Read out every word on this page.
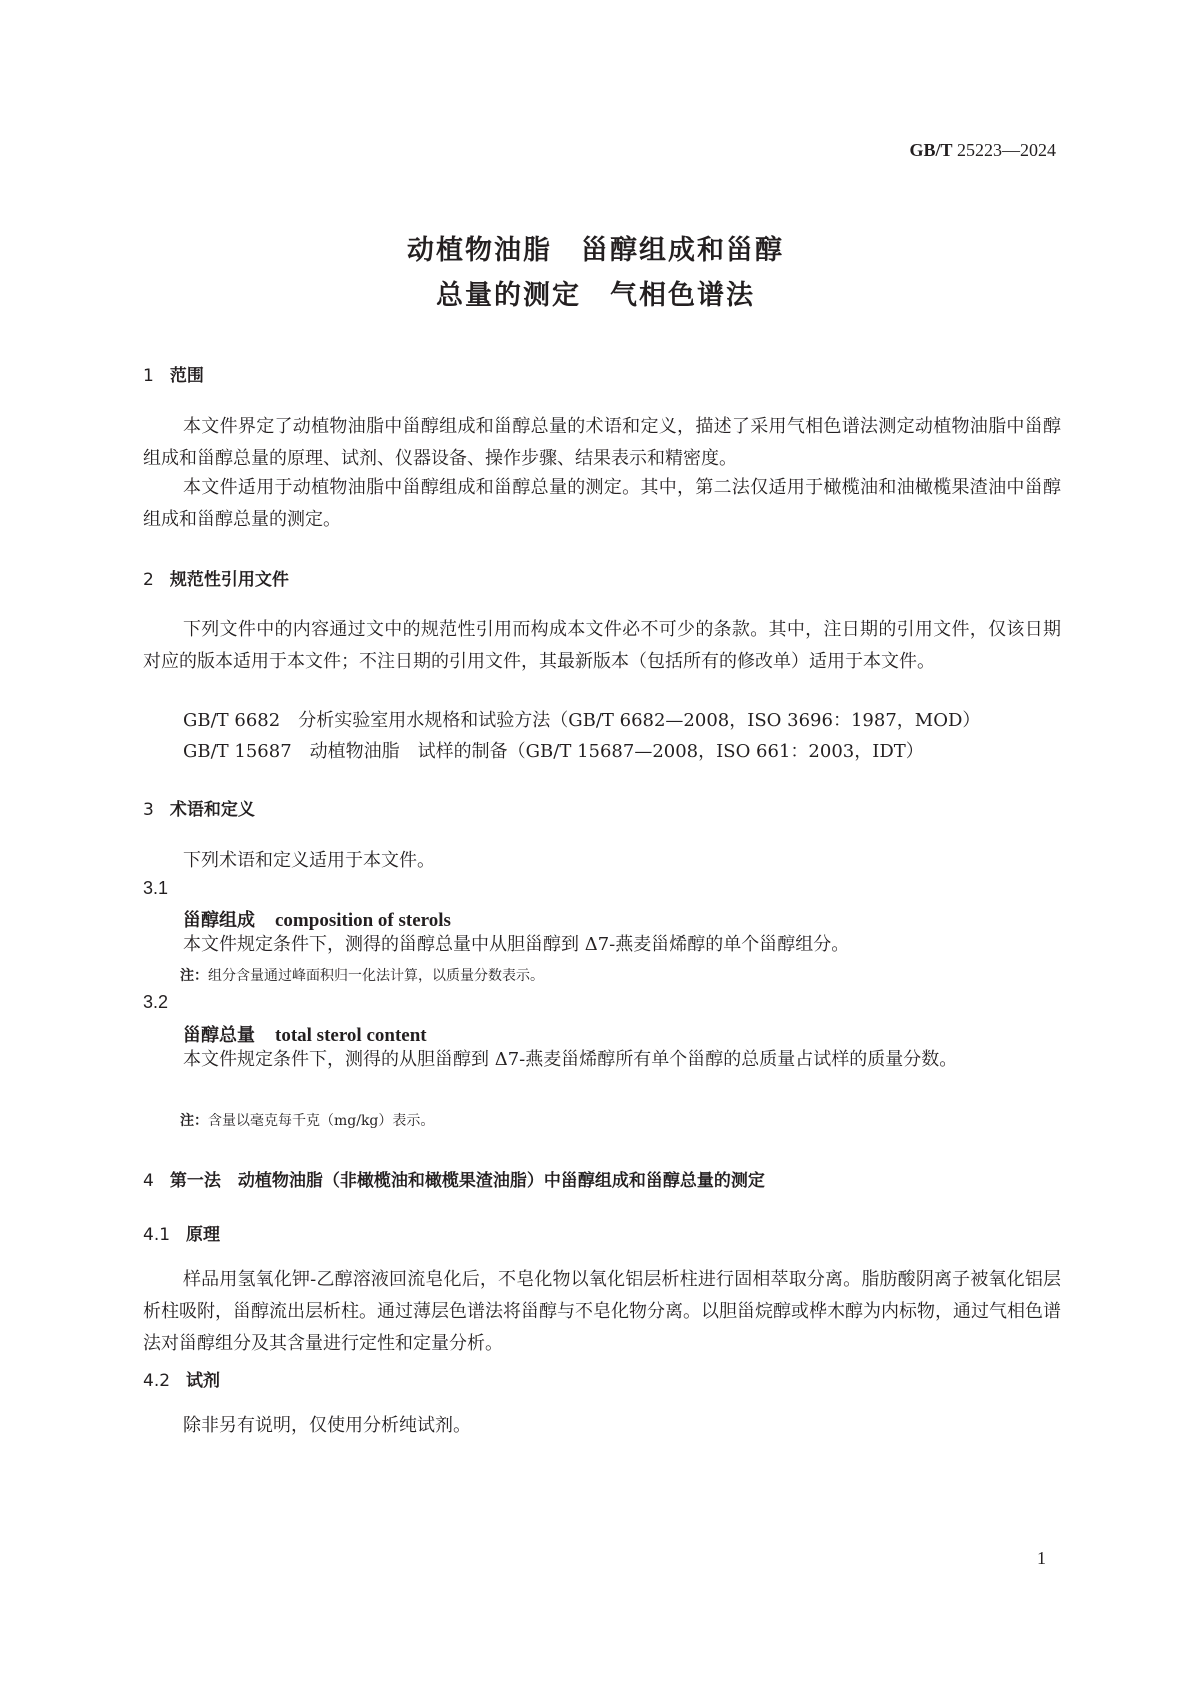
GB/T 25223—2024
动植物油脂　甾醇组成和甾醇
总量的测定　气相色谱法
1 范围
本文件界定了动植物油脂中甾醇组成和甾醇总量的术语和定义，描述了采用气相色谱法测定动植物油脂中甾醇组成和甾醇总量的原理、试剂、仪器设备、操作步骤、结果表示和精密度。
本文件适用于动植物油脂中甾醇组成和甾醇总量的测定。其中，第二法仅适用于橄榄油和油橄榄果渣油中甾醇组成和甾醇总量的测定。
2 规范性引用文件
下列文件中的内容通过文中的规范性引用而构成本文件必不可少的条款。其中，注日期的引用文件，仅该日期对应的版本适用于本文件；不注日期的引用文件，其最新版本（包括所有的修改单）适用于本文件。
GB/T 6682 分析实验室用水规格和试验方法（GB/T 6682—2008，ISO 3696：1987，MOD）
GB/T 15687 动植物油脂　试样的制备（GB/T 15687—2008，ISO 661：2003，IDT）
3 术语和定义
下列术语和定义适用于本文件。
3.1
甾醇组成 composition of sterols
本文件规定条件下，测得的甾醇总量中从胆甾醇到 Δ7-燕麦甾烯醇的单个甾醇组分。
注：组分含量通过峰面积归一化法计算，以质量分数表示。
3.2
甾醇总量 total sterol content
本文件规定条件下，测得的从胆甾醇到 Δ7-燕麦甾烯醇所有单个甾醇的总质量占试样的质量分数。
注：含量以毫克每千克（mg/kg）表示。
4 第一法　动植物油脂（非橄榄油和橄榄果渣油脂）中甾醇组成和甾醇总量的测定
4.1 原理
样品用氢氧化钾-乙醇溶液回流皂化后，不皂化物以氧化铝层析柱进行固相萃取分离。脂肪酸阴离子被氧化铝层析柱吸附，甾醇流出层析柱。通过薄层色谱法将甾醇与不皂化物分离。以胆甾烷醇或桦木醇为内标物，通过气相色谱法对甾醇组分及其含量进行定性和定量分析。
4.2 试剂
除非另有说明，仅使用分析纯试剂。
1
